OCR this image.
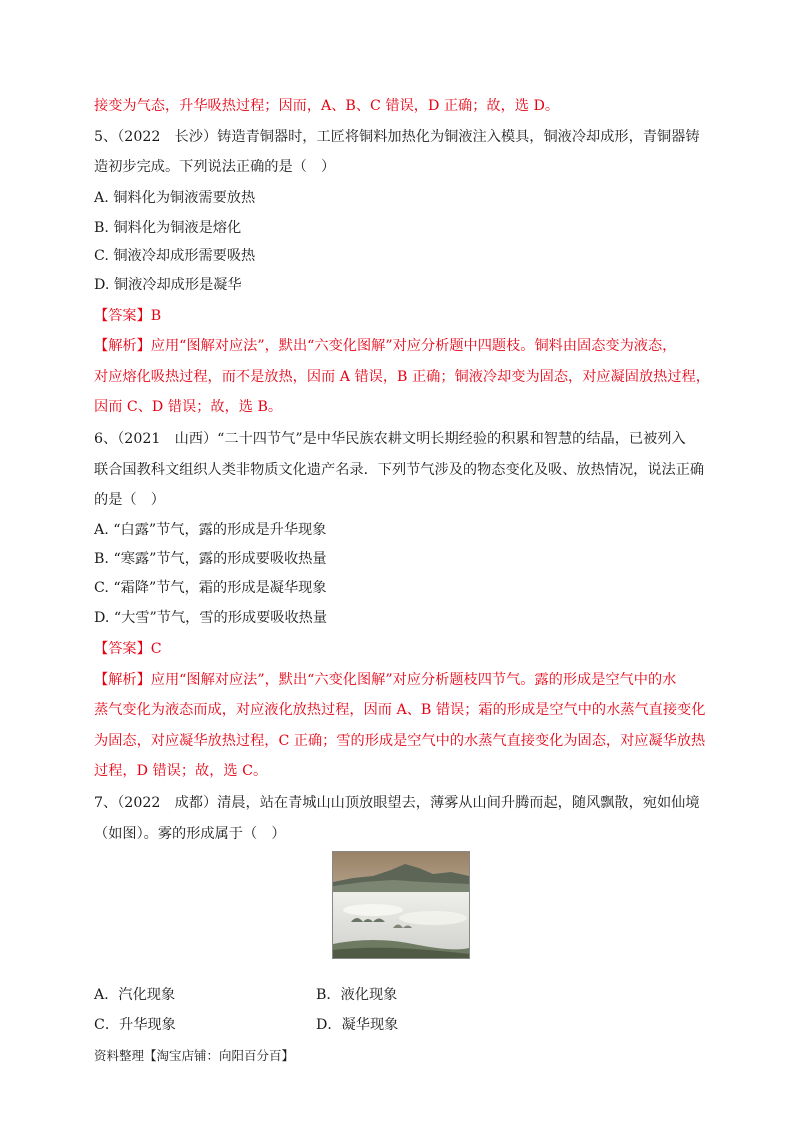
接变为气态，升华吸热过程；因而，A、B、C 错误，D 正确；故，选 D。
5、（2022　长沙）铸造青铜器时，工匠将铜料加热化为铜液注入模具，铜液冷却成形，青铜器铸
造初步完成。下列说法正确的是（　）
A. 铜料化为铜液需要放热
B. 铜料化为铜液是熔化
C. 铜液冷却成形需要吸热
D. 铜液冷却成形是凝华
【答案】B
【解析】应用“图解对应法”，默出“六变化图解”对应分析题中四题枝。铜料由固态变为液态，
对应熔化吸热过程，而不是放热，因而 A 错误，B 正确；铜液冷却变为固态，对应凝固放热过程，
因而 C、D 错误；故，选 B。
6、（2021　山西）“二十四节气”是中华民族农耕文明长期经验的积累和智慧的结晶，已被列入
联合国教科文组织人类非物质文化遗产名录．下列节气涉及的物态变化及吸、放热情况，说法正确
的是（　）
A. “白露”节气，露的形成是升华现象
B. “寒露”节气，露的形成要吸收热量
C. “霜降”节气，霜的形成是凝华现象
D. “大雪”节气，雪的形成要吸收热量
【答案】C
【解析】应用“图解对应法”，默出“六变化图解”对应分析题枝四节气。露的形成是空气中的水
蒸气变化为液态而成，对应液化放热过程，因而 A、B 错误；霜的形成是空气中的水蒸气直接变化
为固态，对应凝华放热过程，C 正确；雪的形成是空气中的水蒸气直接变化为固态，对应凝华放热
过程，D 错误；故，选 C。
7、（2022　成都）清晨，站在青城山山顶放眼望去，薄雾从山间升腾而起，随风飘散，宛如仙境
（如图）。雾的形成属于（　）
A．汽化现象	B．液化现象
C．升华现象	D．凝华现象
资料整理【淘宝店铺：向阳百分百】
